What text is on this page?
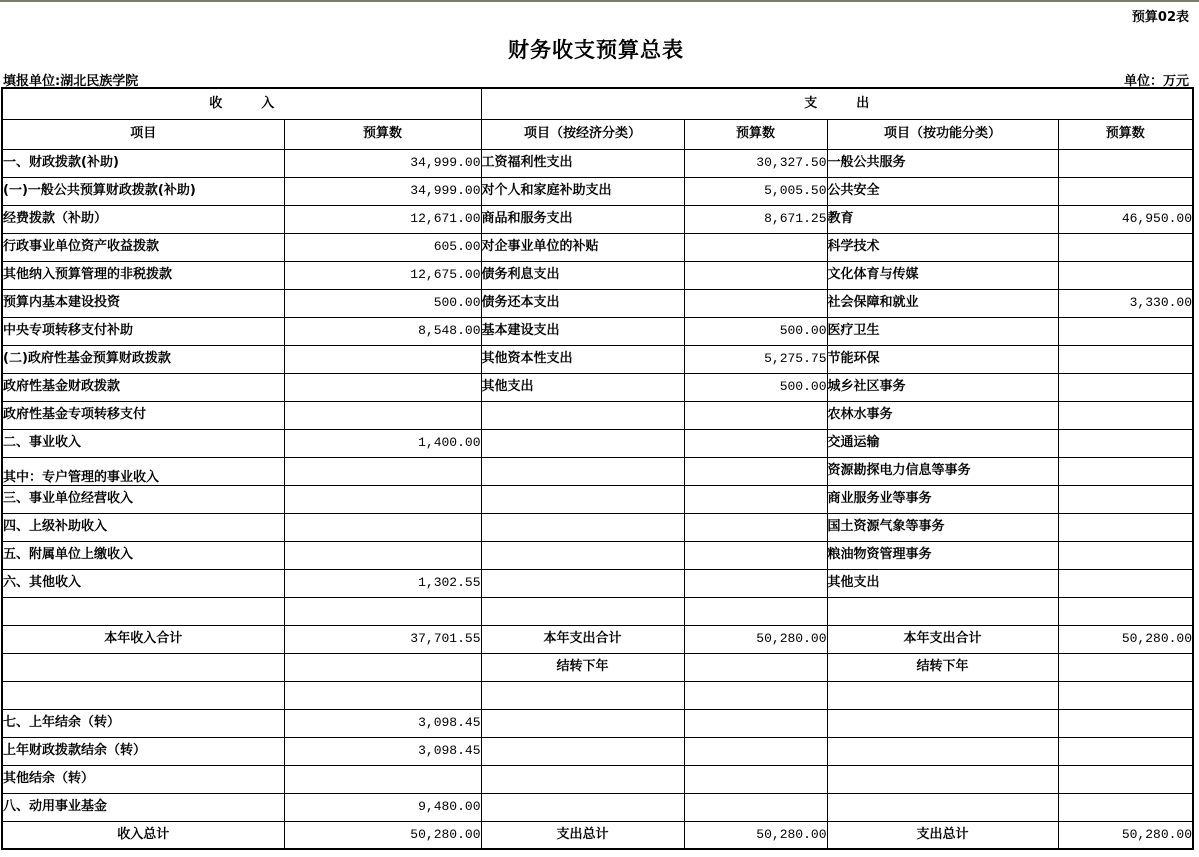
预算02表
财务收支预算总表
填报单位:湖北民族学院	单位：万元
收　　　入		支　　　出			
项目	预算数	项目（按经济分类）	预算数	项目（按功能分类）	预算数
一、财政拨款(补助)	34,999.00	工资福利性支出	30,327.50	一般公共服务	
(一)一般公共预算财政拨款(补助)	34,999.00	对个人和家庭补助支出	5,005.50	公共安全	
经费拨款（补助）	12,671.00	商品和服务支出	8,671.25	教育	46,950.00
行政事业单位资产收益拨款	605.00	对企事业单位的补贴		科学技术	
其他纳入预算管理的非税拨款	12,675.00	债务利息支出		文化体育与传媒	
预算内基本建设投资	500.00	债务还本支出		社会保障和就业	3,330.00
中央专项转移支付补助	8,548.00	基本建设支出	500.00	医疗卫生	
(二)政府性基金预算财政拨款		其他资本性支出	5,275.75	节能环保	
政府性基金财政拨款		其他支出	500.00	城乡社区事务	
政府性基金专项转移支付				农林水事务	
二、事业收入	1,400.00			交通运输	
其中：专户管理的事业收入				资源勘探电力信息等事务	
三、事业单位经营收入				商业服务业等事务	
四、上级补助收入				国土资源气象等事务	
五、附属单位上缴收入				粮油物资管理事务	
六、其他收入	1,302.55			其他支出	

本年收入合计	37,701.55	本年支出合计	50,280.00	本年支出合计	50,280.00
		结转下年		结转下年	

七、上年结余（转）	3,098.45				
上年财政拨款结余（转）	3,098.45				
其他结余（转）					
八、动用事业基金	9,480.00				
收入总计	50,280.00	支出总计	50,280.00	支出总计	50,280.00
